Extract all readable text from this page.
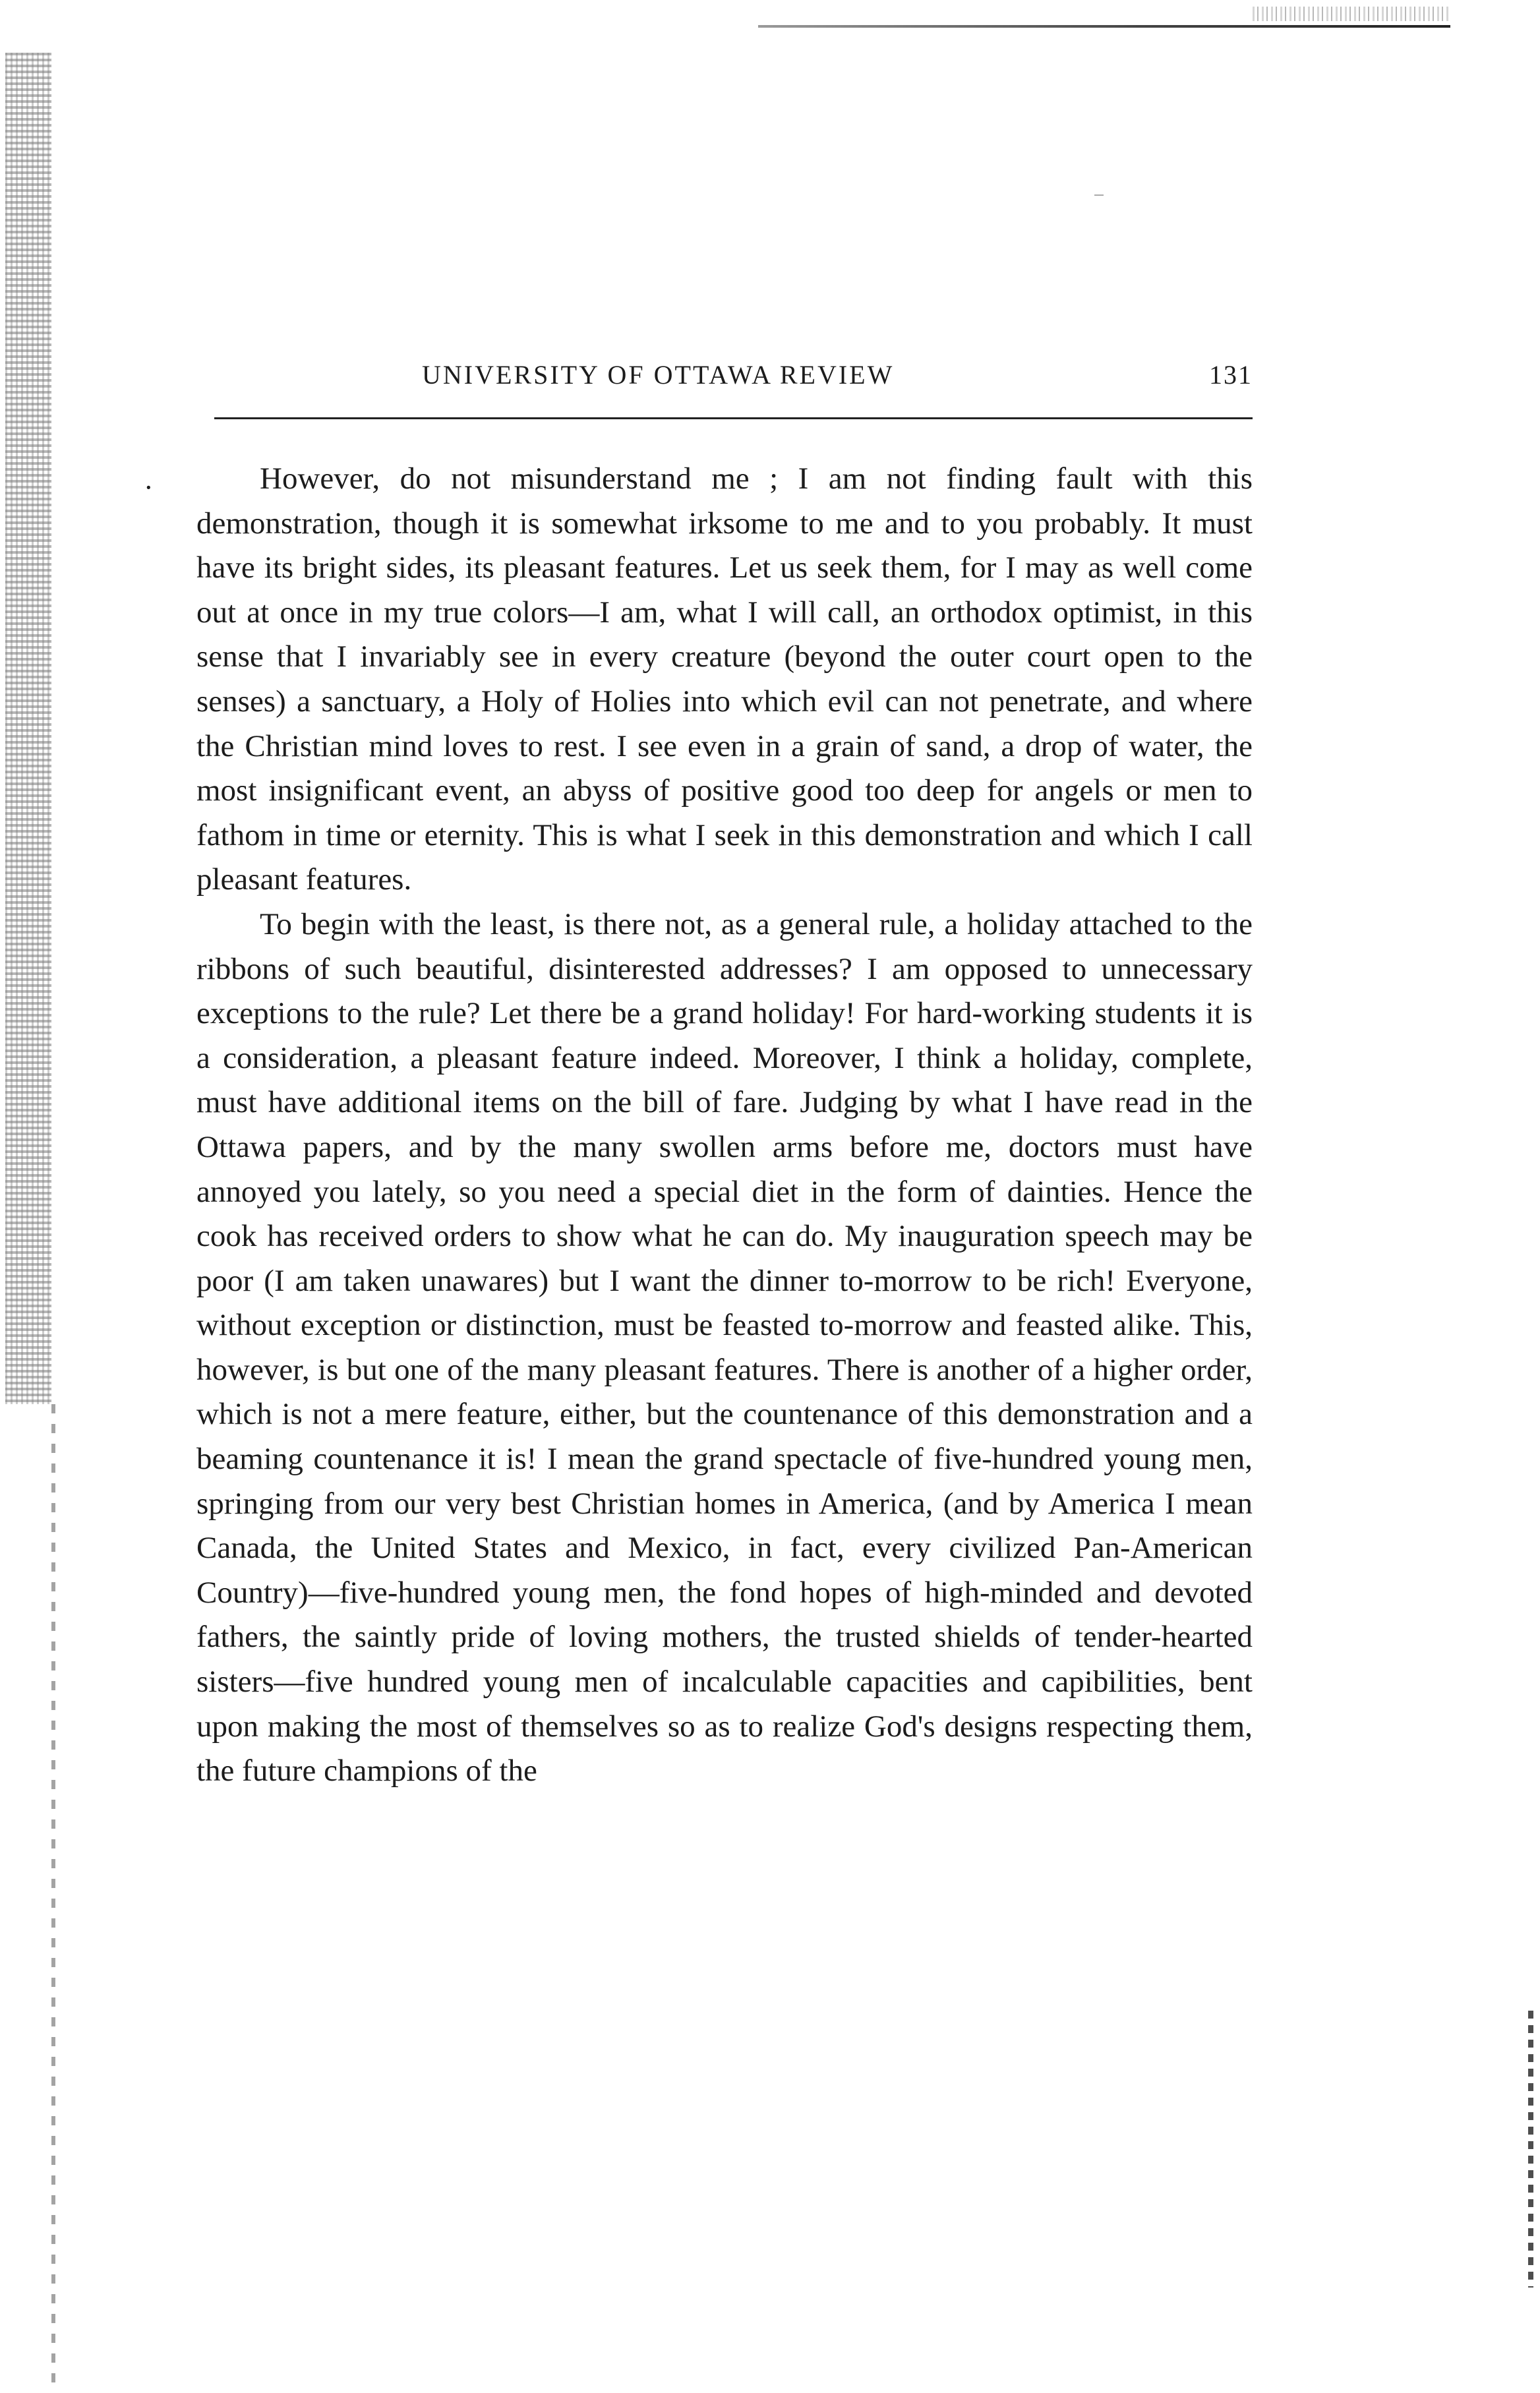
UNIVERSITY OF OTTAWA REVIEW	131
·	However, do not misunderstand me ; I am not finding fault with this demonstration, though it is somewhat irksome to me and to you probably. It must have its bright sides, its pleasant features. Let us seek them, for I may as well come out at once in my true colors—I am, what I will call, an orthodox optimist, in this sense that I invariably see in every creature (beyond the outer court open to the senses) a sanctuary, a Holy of Holies into which evil can not penetrate, and where the Christian mind loves to rest. I see even in a grain of sand, a drop of water, the most insignificant event, an abyss of positive good too deep for angels or men to fathom in time or eternity. This is what I seek in this demonstration and which I call pleasant features.

To begin with the least, is there not, as a general rule, a holiday attached to the ribbons of such beautiful, disinterested addresses? I am opposed to unnecessary exceptions to the rule? Let there be a grand holiday! For hard-working students it is a consideration, a pleasant feature indeed. Moreover, I think a holiday, complete, must have additional items on the bill of fare. Judging by what I have read in the Ottawa papers, and by the many swollen arms before me, doctors must have annoyed you lately, so you need a special diet in the form of dainties. Hence the cook has received orders to show what he can do. My inauguration speech may be poor (I am taken unawares) but I want the dinner to-morrow to be rich! Everyone, without exception or distinction, must be feasted to-morrow and feasted alike. This, however, is but one of the many pleasant features. There is another of a higher order, which is not a mere feature, either, but the countenance of this demonstration and a beaming countenance it is! I mean the grand spectacle of five-hundred young men, springing from our very best Christian homes in America, (and by America I mean Canada, the United States and Mexico, in fact, every civilized Pan-American Country)—five-hundred young men, the fond hopes of high-minded and devoted fathers, the saintly pride of loving mothers, the trusted shields of tender-hearted sisters—five hundred young men of incalculable capacities and capibilities, bent upon making the most of themselves so as to realize God's designs respecting them, the future champions of the
